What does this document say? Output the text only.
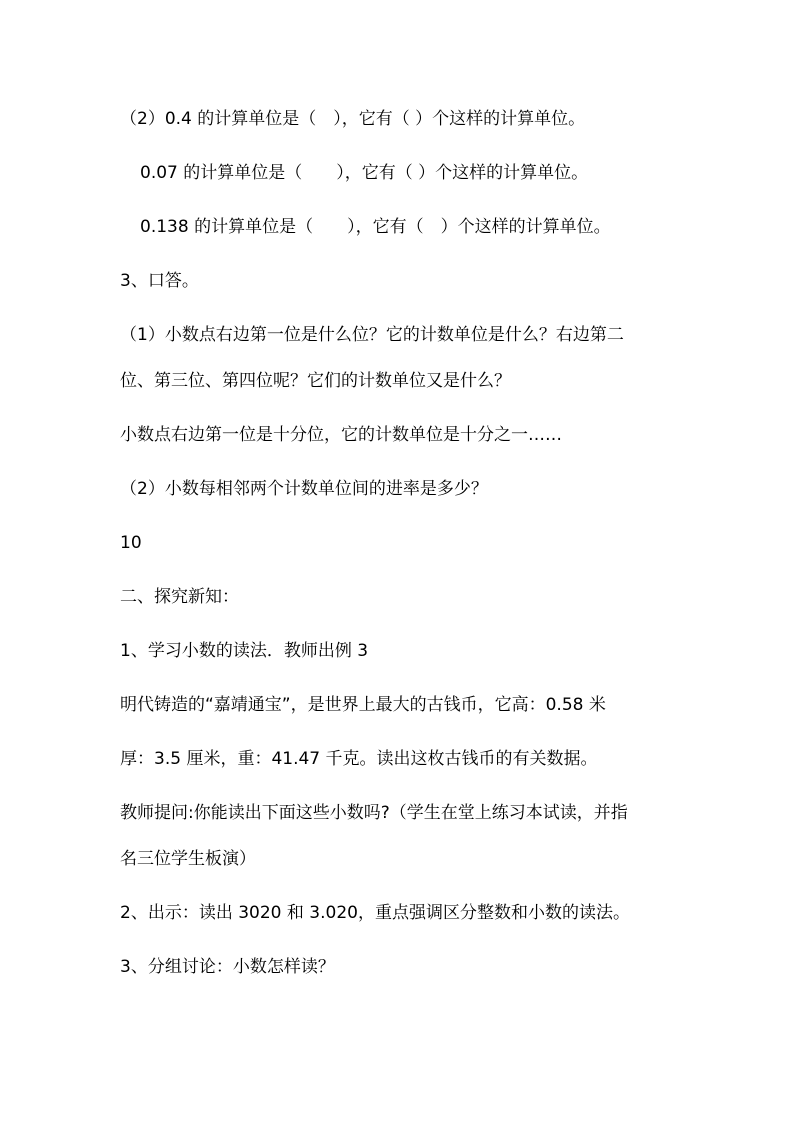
（2）0.4 的计算单位是（　），它有（ ）个这样的计算单位。
0.07 的计算单位是（　　），它有（ ）个这样的计算单位。
0.138 的计算单位是（　　），它有（　）个这样的计算单位。
3、口答。
（1）小数点右边第一位是什么位？它的计数单位是什么？右边第二
位、第三位、第四位呢？它们的计数单位又是什么？
小数点右边第一位是十分位，它的计数单位是十分之一……
（2）小数每相邻两个计数单位间的进率是多少？
10
二、探究新知：
1、学习小数的读法．教师出例 3
明代铸造的“嘉靖通宝”，是世界上最大的古钱币，它高：0.58 米
厚：3.5 厘米，重：41.47 千克。读出这枚古钱币的有关数据。
教师提问:你能读出下面这些小数吗?（学生在堂上练习本试读，并指
名三位学生板演）
2、出示：读出 3020 和 3.020，重点强调区分整数和小数的读法。
3、分组讨论：小数怎样读？
